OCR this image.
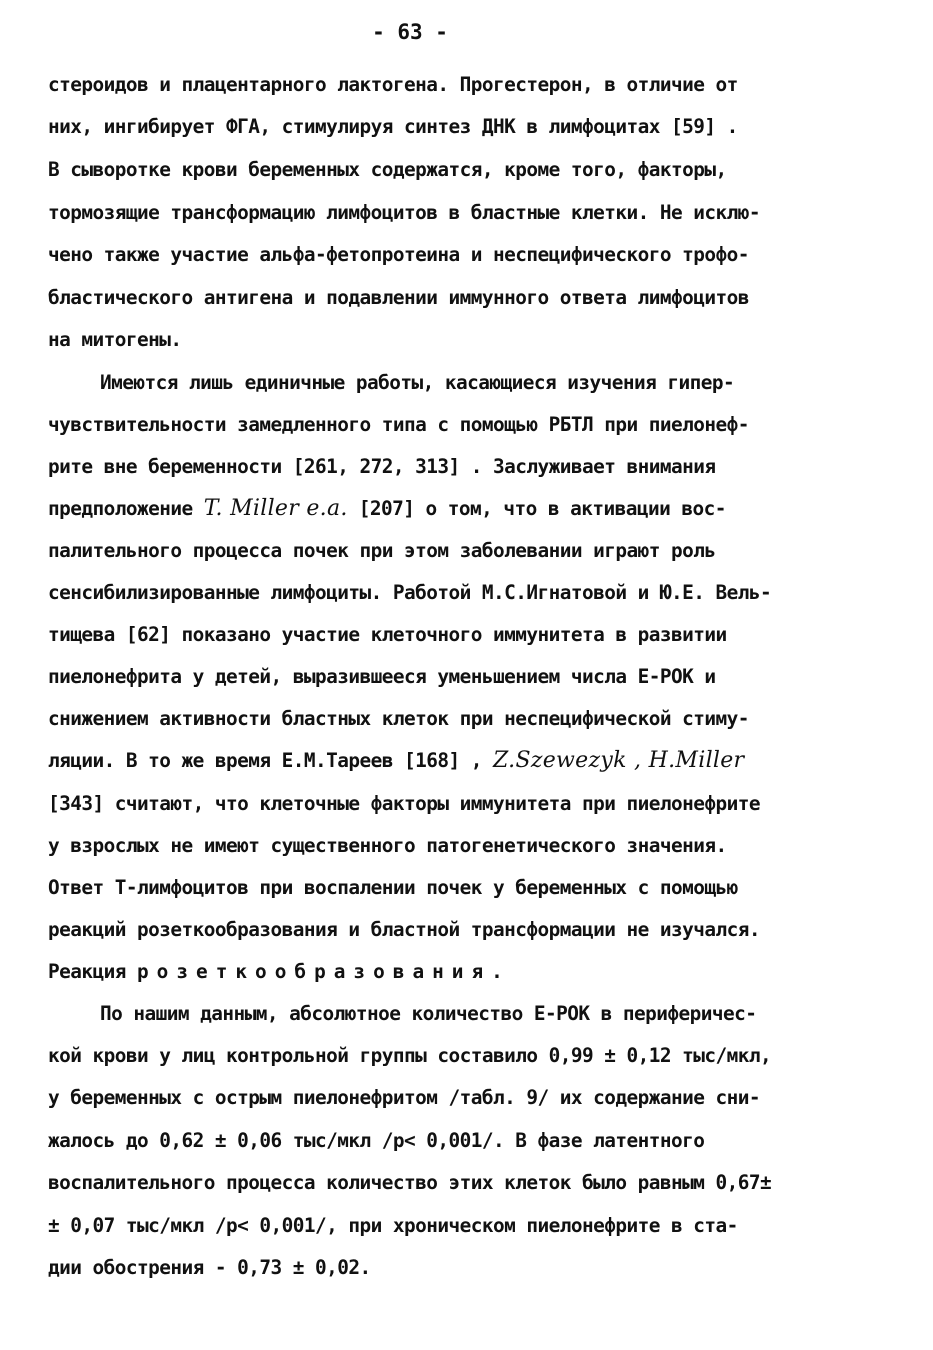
- 63 -
стероидов и плацентарного лактогена. Прогестерон, в отличие от
них, ингибирует ФГА, стимулируя синтез ДНК в лимфоцитах [59] .
В сыворотке крови беременных содержатся, кроме того, факторы,
тормозящие трансформацию лимфоцитов в бластные клетки. Не исклю-
чено также участие альфа-фетопротеина и неспецифического трофо-
бластического антигена и подавлении иммунного ответа лимфоцитов
на митогены.
Имеются лишь единичные работы, касающиеся изучения гипер-
чувствительности замедленного типа с помощью РБТЛ при пиелонеф-
рите вне беременности [261, 272, 313] . Заслуживает внимания
предположение T. Miller e.a. [207] о том, что в активации вос-
палительного процесса почек при этом заболевании играют роль
сенсибилизированные лимфоциты. Работой М.С.Игнатовой и Ю.Е. Вель-
тищева [62] показано участие клеточного иммунитета в развитии
пиелонефрита у детей, выразившееся уменьшением числа Е-РОК и
снижением активности бластных клеток при неспецифической стиму-
ляции. В то же время Е.М.Тареев [168] , Z.Szewezyk , H.Miller
[343] считают, что клеточные факторы иммунитета при пиелонефрите
у взрослых не имеют существенного патогенетического значения.
Ответ Т-лимфоцитов при воспалении почек у беременных с помощью
реакций розеткообразования и бластной трансформации не изучался.
Реакция розеткообразования.
По нашим данным, абсолютное количество Е-РОК в периферичес-
кой крови у лиц контрольной группы составило 0,99 ± 0,12 тыс/мкл,
у беременных с острым пиелонефритом /табл. 9/ их содержание сни-
жалось до 0,62 ± 0,06 тыс/мкл /p< 0,001/. В фазе латентного
воспалительного процесса количество этих клеток было равным 0,67±
± 0,07 тыс/мкл /p< 0,001/, при хроническом пиелонефрите в ста-
дии обострения - 0,73 ± 0,02.
